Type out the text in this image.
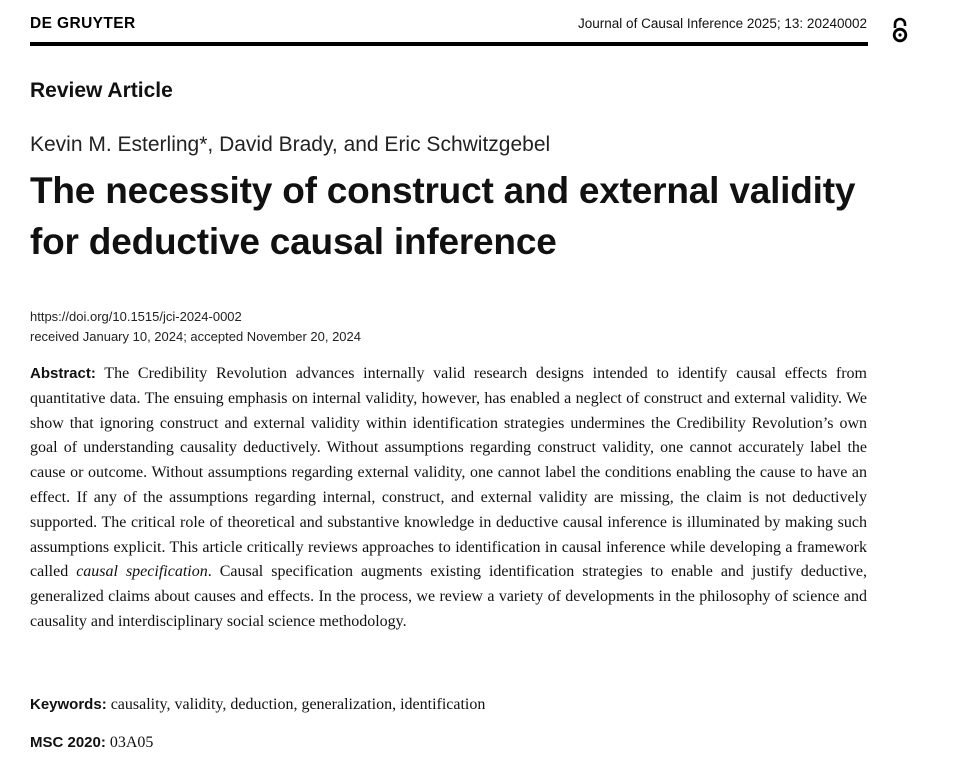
DE GRUYTER	Journal of Causal Inference 2025; 13: 20240002
Review Article
Kevin M. Esterling*, David Brady, and Eric Schwitzgebel
The necessity of construct and external validity for deductive causal inference
https://doi.org/10.1515/jci-2024-0002
received January 10, 2024; accepted November 20, 2024

Abstract: The Credibility Revolution advances internally valid research designs intended to identify causal effects from quantitative data. The ensuing emphasis on internal validity, however, has enabled a neglect of construct and external validity. We show that ignoring construct and external validity within identification strategies undermines the Credibility Revolution’s own goal of understanding causality deductively. Without assumptions regarding construct validity, one cannot accurately label the cause or outcome. Without assumptions regarding external validity, one cannot label the conditions enabling the cause to have an effect. If any of the assumptions regarding internal, construct, and external validity are missing, the claim is not deductively supported. The critical role of theoretical and substantive knowledge in deductive causal inference is illuminated by making such assumptions explicit. This article critically reviews approaches to identification in causal inference while developing a framework called causal specification. Causal specification augments existing identification strategies to enable and justify deductive, generalized claims about causes and effects. In the process, we review a variety of developments in the philosophy of science and causality and interdisciplinary social science methodology.

Keywords: causality, validity, deduction, generalization, identification
MSC 2020: 03A05
